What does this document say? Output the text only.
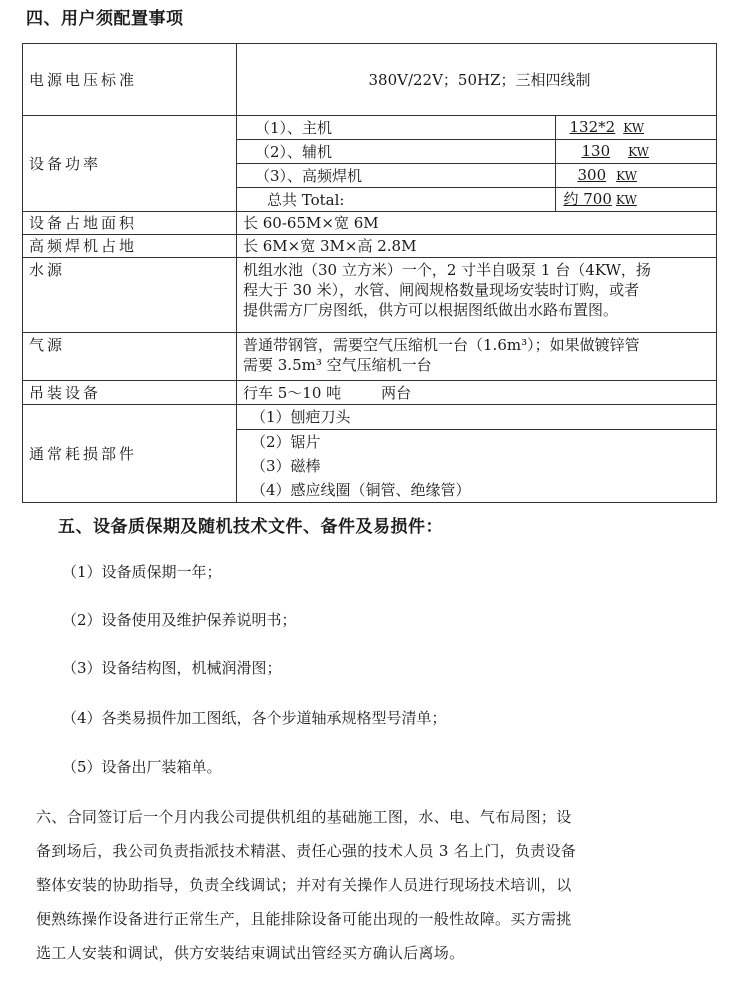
四、用户须配置事项
电源电压标准	380V/22V；50HZ；三相四线制
设备功率	
（1）、主机	132*2 KW
（2）、辅机	130 KW
（3）、高频焊机	300 KW
总共 Total:	约 700 KW

设备占地面积	长 60-65M×宽 6M
高频焊机占地	长 6M×宽 3M×高 2.8M
水源	机组水池（30 立方米）一个，2 寸半自吸泵 1 台（4KW，扬
程大于 30 米），水管、闸阀规格数量现场安装时订购，或者
提供需方厂房图纸，供方可以根据图纸做出水路布置图。

气源	普通带钢管，需要空气压缩机一台（1.6m³）；如果做镀锌管
需要 3.5m³ 空气压缩机一台

吊装设备	行车 5～10 吨	两台
通常耗损部件	
（1）刨疤刀头
（2）锯片
（3）磁棒
（4）感应线圈（铜管、绝缘管）
五、设备质保期及随机技术文件、备件及易损件：
（1）设备质保期一年；
（2）设备使用及维护保养说明书；
（3）设备结构图，机械润滑图；
（4）各类易损件加工图纸，各个步道轴承规格型号清单；
（5）设备出厂装箱单。
六、合同签订后一个月内我公司提供机组的基础施工图，水、电、气布局图；设
备到场后，我公司负责指派技术精湛、责任心强的技术人员 3 名上门，负责设备
整体安装的协助指导，负责全线调试；并对有关操作人员进行现场技术培训，以
便熟练操作设备进行正常生产，且能排除设备可能出现的一般性故障。买方需挑
选工人安装和调试，供方安装结束调试出管经买方确认后离场。
